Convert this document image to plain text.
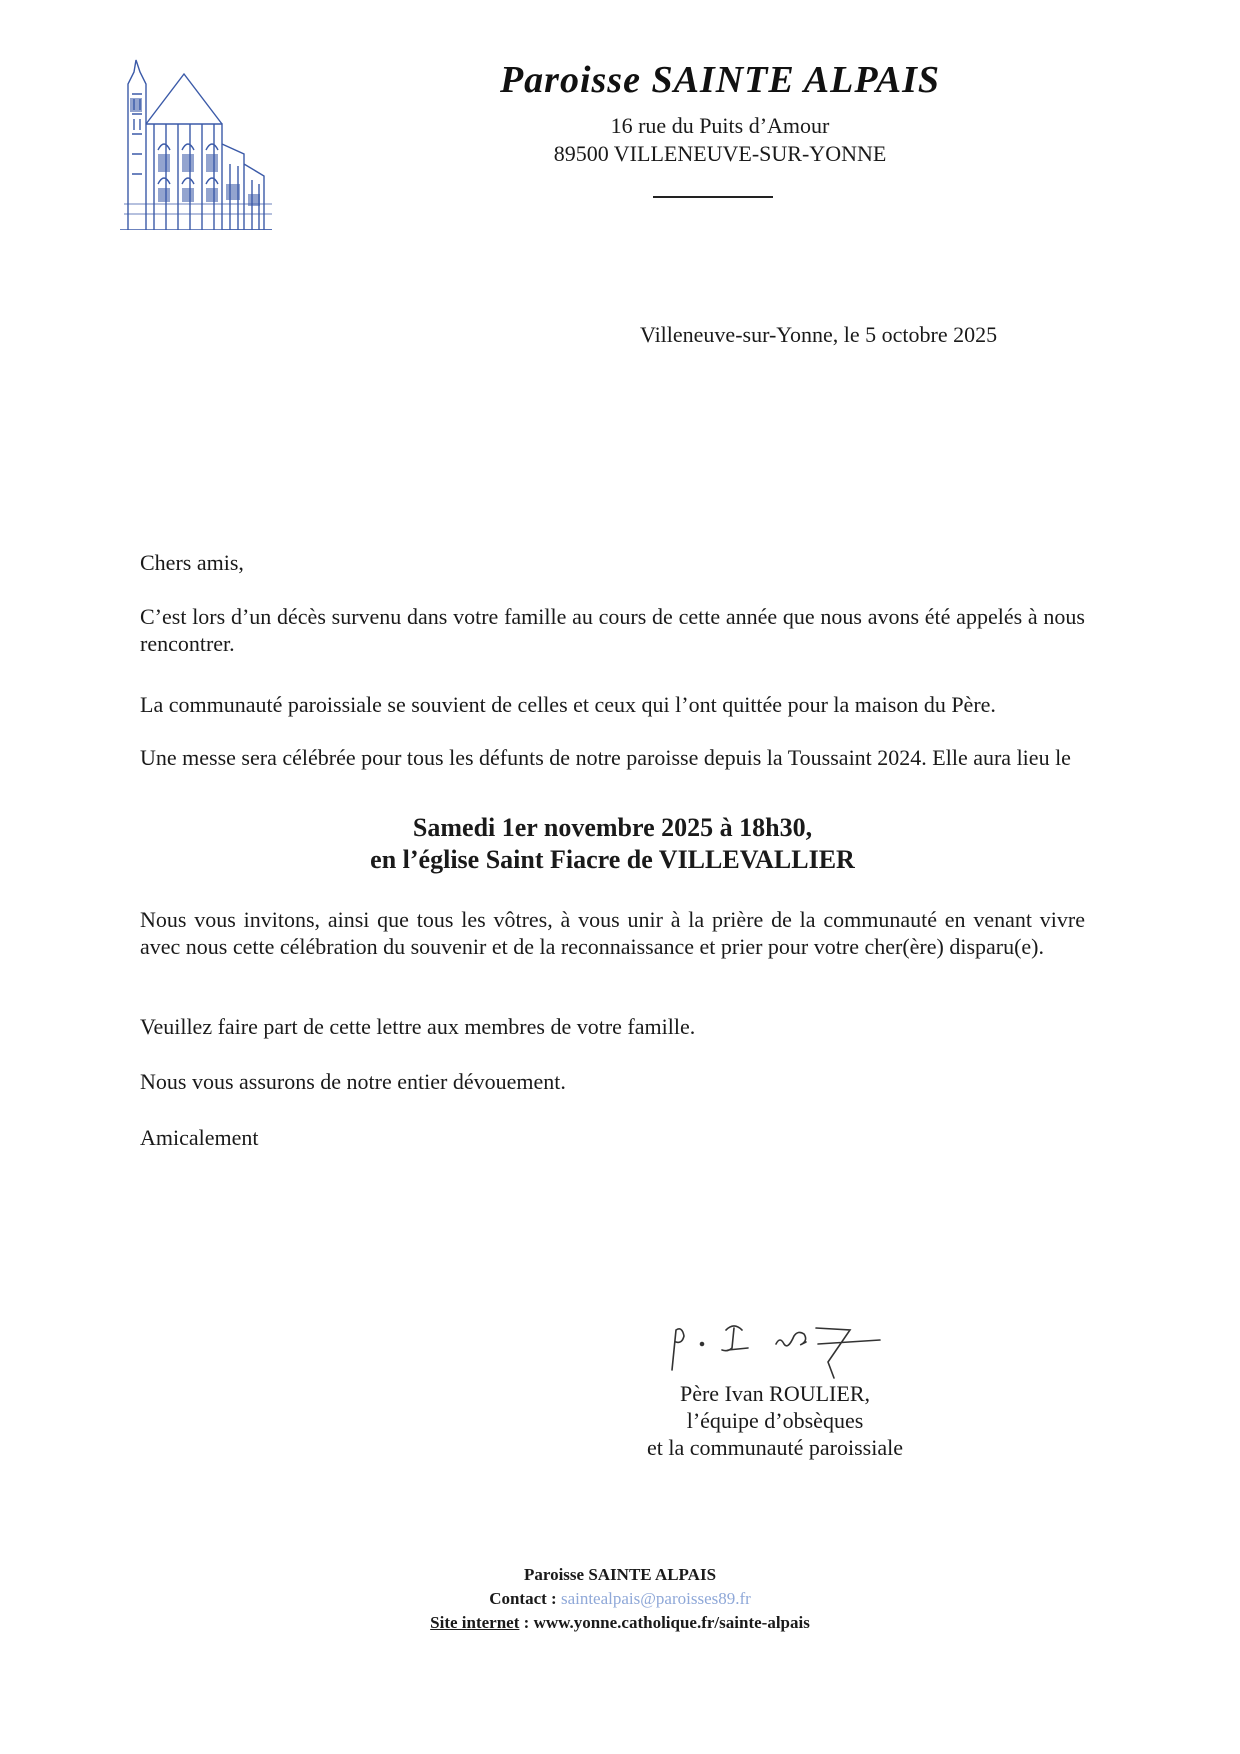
Paroisse SAINTE ALPAIS
16 rue du Puits d’Amour
89500 VILLENEUVE-SUR-YONNE
Villeneuve-sur-Yonne, le 5 octobre 2025
Chers amis,
C’est lors d’un décès survenu dans votre famille au cours de cette année que nous avons été appelés à nous rencontrer.
La communauté paroissiale se souvient de celles et ceux qui l’ont quittée pour la maison du Père.
Une messe sera célébrée pour tous les défunts de notre paroisse depuis la Toussaint 2024. Elle aura lieu le
Samedi 1er novembre 2025 à 18h30,
en l’église Saint Fiacre de VILLEVALLIER
Nous vous invitons, ainsi que tous les vôtres, à vous unir à la prière de la communauté en venant vivre avec nous cette célébration du souvenir et de la reconnaissance et prier pour votre cher(ère) disparu(e).
Veuillez faire part de cette lettre aux membres de votre famille.
Nous vous assurons de notre entier dévouement.
Amicalement
Père Ivan ROULIER,
l’équipe d’obsèques
et la communauté paroissiale
Paroisse SAINTE ALPAIS
Contact : saintealpais@paroisses89.fr
Site internet : www.yonne.catholique.fr/sainte-alpais
